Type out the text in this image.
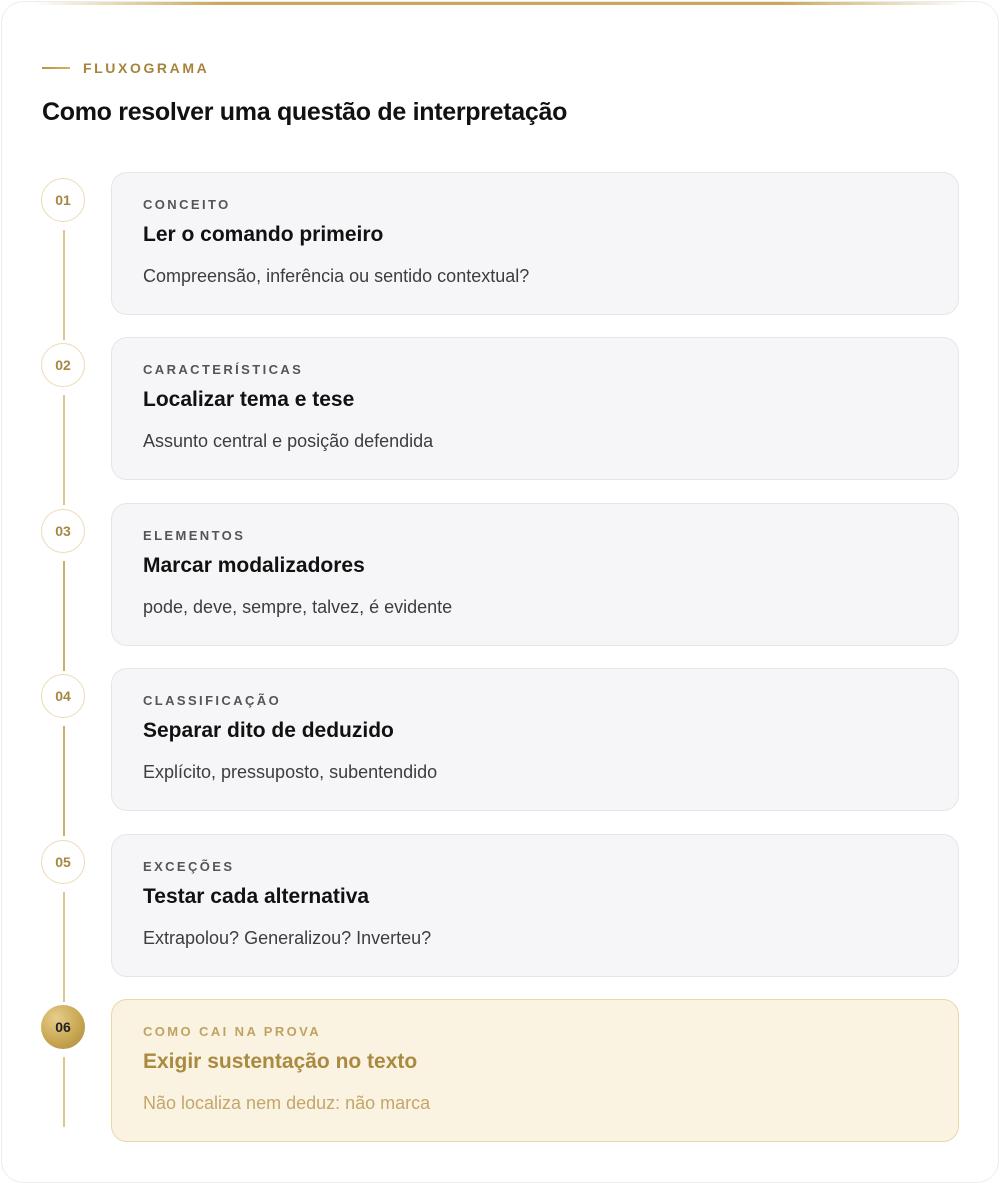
FLUXOGRAMA
Como resolver uma questão de interpretação
01	CONCEITO
Ler o comando primeiro
Compreensão, inferência ou sentido contextual?
02	CARACTERÍSTICAS
Localizar tema e tese
Assunto central e posição defendida
03	ELEMENTOS
Marcar modalizadores
pode, deve, sempre, talvez, é evidente
04	CLASSIFICAÇÃO
Separar dito de deduzido
Explícito, pressuposto, subentendido
05	EXCEÇÕES
Testar cada alternativa
Extrapolou? Generalizou? Inverteu?
06	COMO CAI NA PROVA
Exigir sustentação no texto
Não localiza nem deduz: não marca
